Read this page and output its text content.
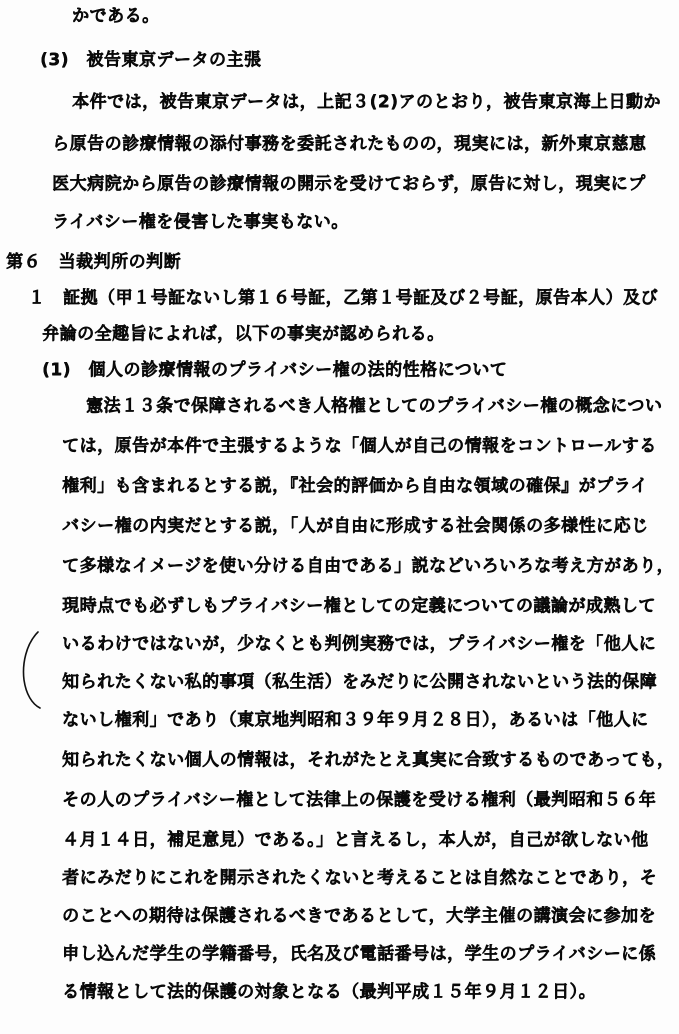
かである。
(3)　被告東京データの主張
本件では，被告東京データは，上記３(2)アのとおり，被告東京海上日動か
ら原告の診療情報の添付事務を委託されたものの，現実には，新外東京慈恵
医大病院から原告の診療情報の開示を受けておらず，原告に対し，現実にプ
ライバシー権を侵害した事実もない。
第６　当裁判所の判断
１　証拠（甲１号証ないし第１６号証，乙第１号証及び２号証，原告本人）及び
弁論の全趣旨によれば，以下の事実が認められる。
(1)　個人の診療情報のプライバシー権の法的性格について
憲法１３条で保障されるべき人格権としてのプライバシー権の概念につい
ては，原告が本件で主張するような「個人が自己の情報をコントロールする
権利」も含まれるとする説，『社会的評価から自由な領域の確保』がプライ
バシー権の内実だとする説，「人が自由に形成する社会関係の多様性に応じ
て多様なイメージを使い分ける自由である」説などいろいろな考え方があり，
現時点でも必ずしもプライバシー権としての定義についての議論が成熟して
いるわけではないが，少なくとも判例実務では，プライバシー権を「他人に
知られたくない私的事項（私生活）をみだりに公開されないという法的保障
ないし権利」であり（東京地判昭和３９年９月２８日），あるいは「他人に
知られたくない個人の情報は，それがたとえ真実に合致するものであっても，
その人のプライバシー権として法律上の保護を受ける権利（最判昭和５６年
４月１４日，補足意見）である。」と言えるし，本人が，自己が欲しない他
者にみだりにこれを開示されたくないと考えることは自然なことであり，そ
のことへの期待は保護されるべきであるとして，大学主催の講演会に参加を
申し込んだ学生の学籍番号，氏名及び電話番号は，学生のプライバシーに係
る情報として法的保護の対象となる（最判平成１５年９月１２日）。
